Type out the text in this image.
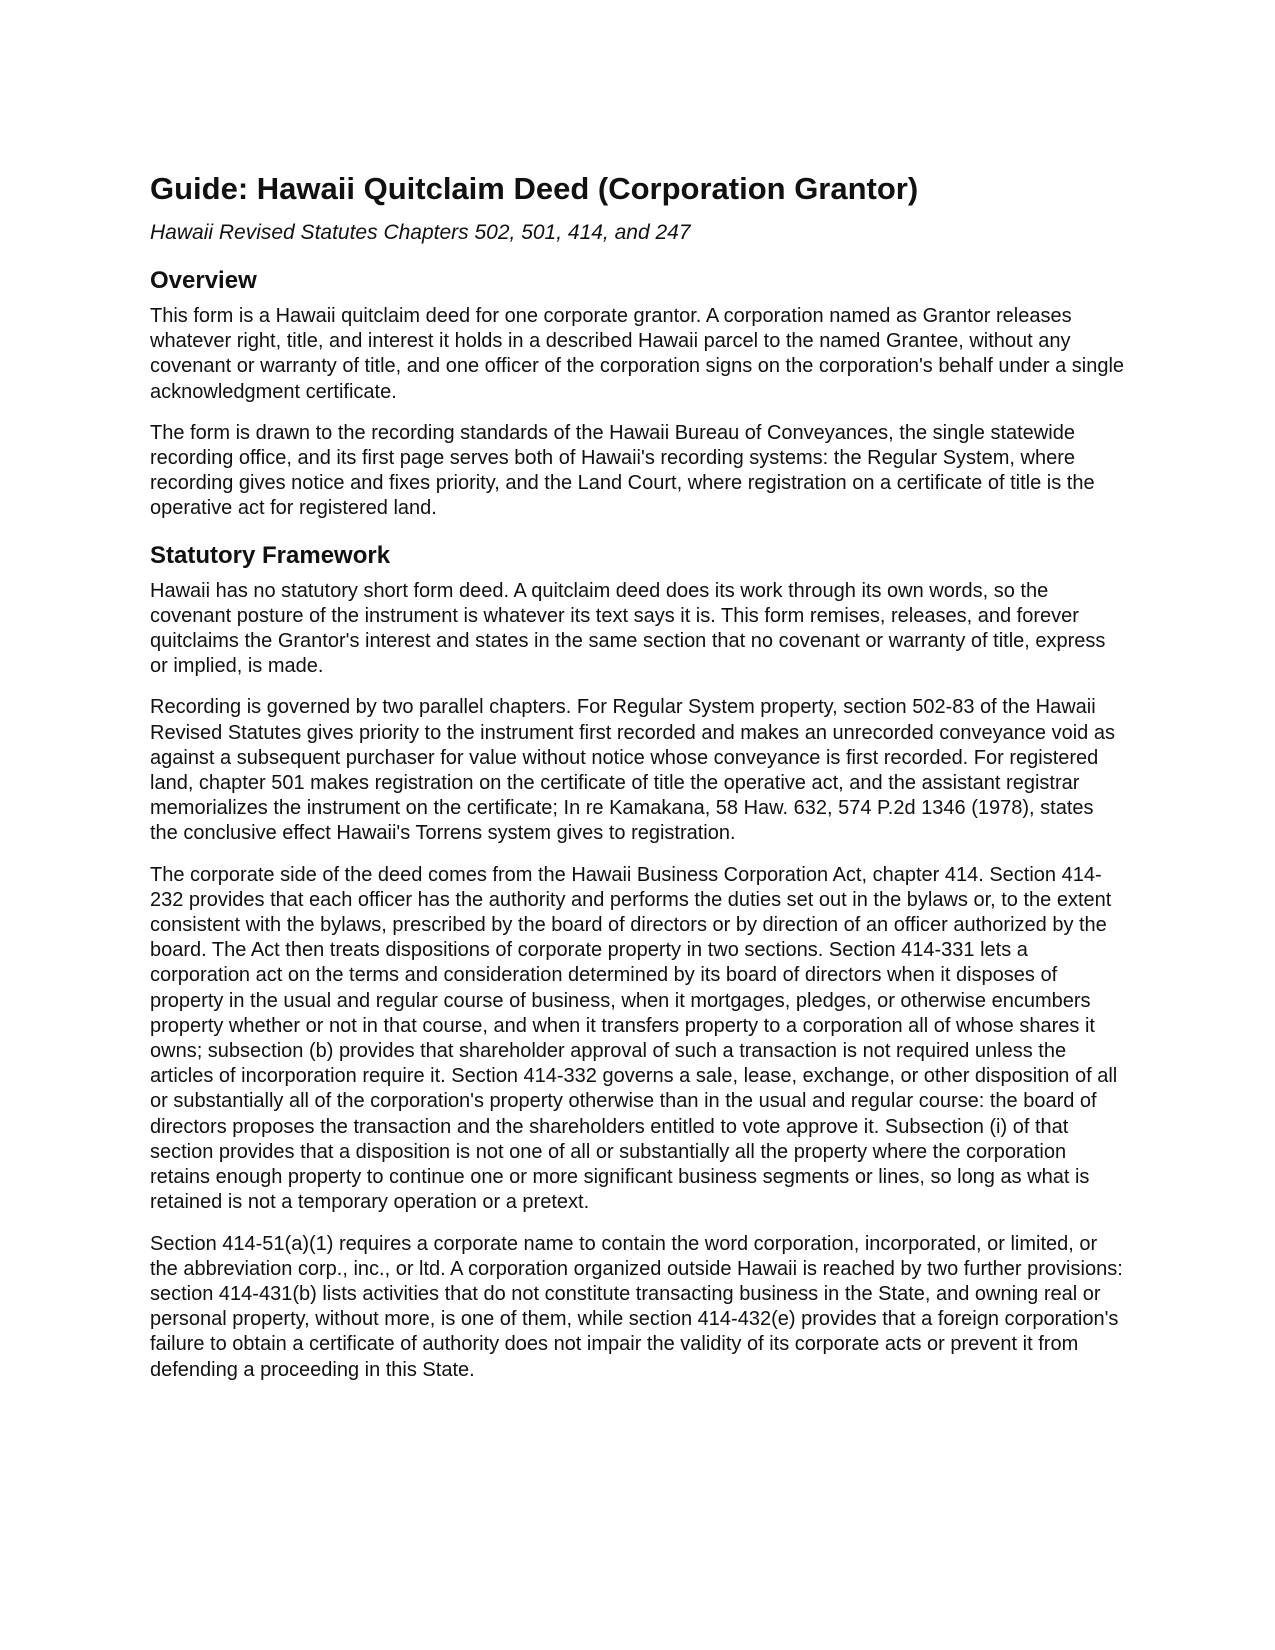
Guide: Hawaii Quitclaim Deed (Corporation Grantor)
Hawaii Revised Statutes Chapters 502, 501, 414, and 247
Overview

This form is a Hawaii quitclaim deed for one corporate grantor. A corporation named as Grantor releases whatever right, title, and interest it holds in a described Hawaii parcel to the named Grantee, without any covenant or warranty of title, and one officer of the corporation signs on the corporation's behalf under a single acknowledgment certificate.

The form is drawn to the recording standards of the Hawaii Bureau of Conveyances, the single statewide recording office, and its first page serves both of Hawaii's recording systems: the Regular System, where recording gives notice and fixes priority, and the Land Court, where registration on a certificate of title is the operative act for registered land.

Statutory Framework

Hawaii has no statutory short form deed. A quitclaim deed does its work through its own words, so the covenant posture of the instrument is whatever its text says it is. This form remises, releases, and forever quitclaims the Grantor's interest and states in the same section that no covenant or warranty of title, express or implied, is made.

Recording is governed by two parallel chapters. For Regular System property, section 502-83 of the Hawaii Revised Statutes gives priority to the instrument first recorded and makes an unrecorded conveyance void as against a subsequent purchaser for value without notice whose conveyance is first recorded. For registered land, chapter 501 makes registration on the certificate of title the operative act, and the assistant registrar memorializes the instrument on the certificate; In re Kamakana, 58 Haw. 632, 574 P.2d 1346 (1978), states the conclusive effect Hawaii's Torrens system gives to registration.

The corporate side of the deed comes from the Hawaii Business Corporation Act, chapter 414. Section 414-232 provides that each officer has the authority and performs the duties set out in the bylaws or, to the extent consistent with the bylaws, prescribed by the board of directors or by direction of an officer authorized by the board. The Act then treats dispositions of corporate property in two sections. Section 414-331 lets a corporation act on the terms and consideration determined by its board of directors when it disposes of property in the usual and regular course of business, when it mortgages, pledges, or otherwise encumbers property whether or not in that course, and when it transfers property to a corporation all of whose shares it owns; subsection (b) provides that shareholder approval of such a transaction is not required unless the articles of incorporation require it. Section 414-332 governs a sale, lease, exchange, or other disposition of all or substantially all of the corporation's property otherwise than in the usual and regular course: the board of directors proposes the transaction and the shareholders entitled to vote approve it. Subsection (i) of that section provides that a disposition is not one of all or substantially all the property where the corporation retains enough property to continue one or more significant business segments or lines, so long as what is retained is not a temporary operation or a pretext.

Section 414-51(a)(1) requires a corporate name to contain the word corporation, incorporated, or limited, or the abbreviation corp., inc., or ltd. A corporation organized outside Hawaii is reached by two further provisions: section 414-431(b) lists activities that do not constitute transacting business in the State, and owning real or personal property, without more, is one of them, while section 414-432(e) provides that a foreign corporation's failure to obtain a certificate of authority does not impair the validity of its corporate acts or prevent it from defending a proceeding in this State.
